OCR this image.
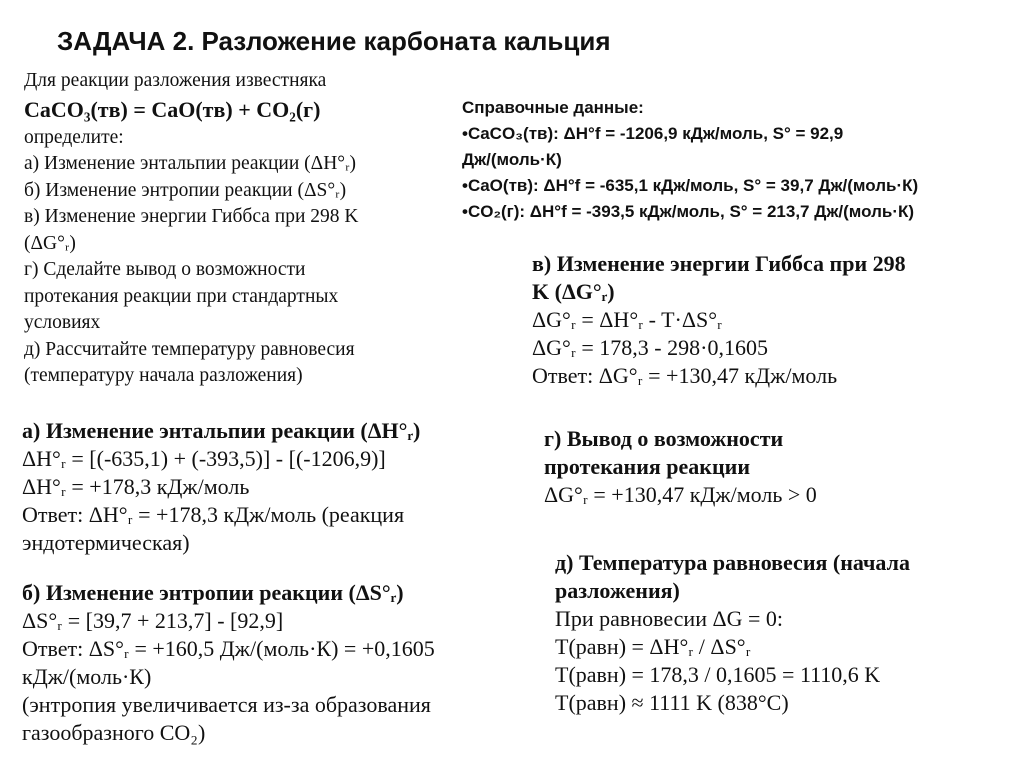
ЗАДАЧА 2. Разложение карбоната кальция
Для реакции разложения известняка
CaCO₃(тв) = CaO(тв) + CO₂(г)
определите:
а) Изменение энтальпии реакции (ΔH°ᵣ)
б) Изменение энтропии реакции (ΔS°ᵣ)
в) Изменение энергии Гиббса при 298 K
(ΔG°ᵣ)
г) Сделайте вывод о возможности
протекания реакции при стандартных
условиях
д) Рассчитайте температуру равновесия
(температуру начала разложения)
Справочные данные:
•CaCO₃(тв): ΔH°f = -1206,9 кДж/моль, S° = 92,9
Дж/(моль·К)
•CaO(тв): ΔH°f = -635,1 кДж/моль, S° = 39,7 Дж/(моль·К)
•CO₂(г): ΔH°f = -393,5 кДж/моль, S° = 213,7 Дж/(моль·К)
в) Изменение энергии Гиббса при 298
K (ΔG°ᵣ)
ΔG°ᵣ = ΔH°ᵣ - T·ΔS°ᵣ
ΔG°ᵣ = 178,3 - 298·0,1605
Ответ: ΔG°ᵣ = +130,47 кДж/моль
а) Изменение энтальпии реакции (ΔH°ᵣ)
ΔH°ᵣ = [(-635,1) + (-393,5)] - [(-1206,9)]
ΔH°ᵣ = +178,3 кДж/моль
Ответ: ΔH°ᵣ = +178,3 кДж/моль (реакция
эндотермическая)
г) Вывод о возможности
протекания реакции
ΔG°ᵣ = +130,47 кДж/моль > 0
б) Изменение энтропии реакции (ΔS°ᵣ)
ΔS°ᵣ = [39,7 + 213,7] - [92,9]
Ответ: ΔS°ᵣ = +160,5 Дж/(моль·К) = +0,1605
кДж/(моль·К)
(энтропия увеличивается из-за образования
газообразного CO₂)
д) Температура равновесия (начала
разложения)
При равновесии ΔG = 0:
T(равн) = ΔH°ᵣ / ΔS°ᵣ
T(равн) = 178,3 / 0,1605 = 1110,6 K
T(равн) ≈ 1111 K (838°C)
